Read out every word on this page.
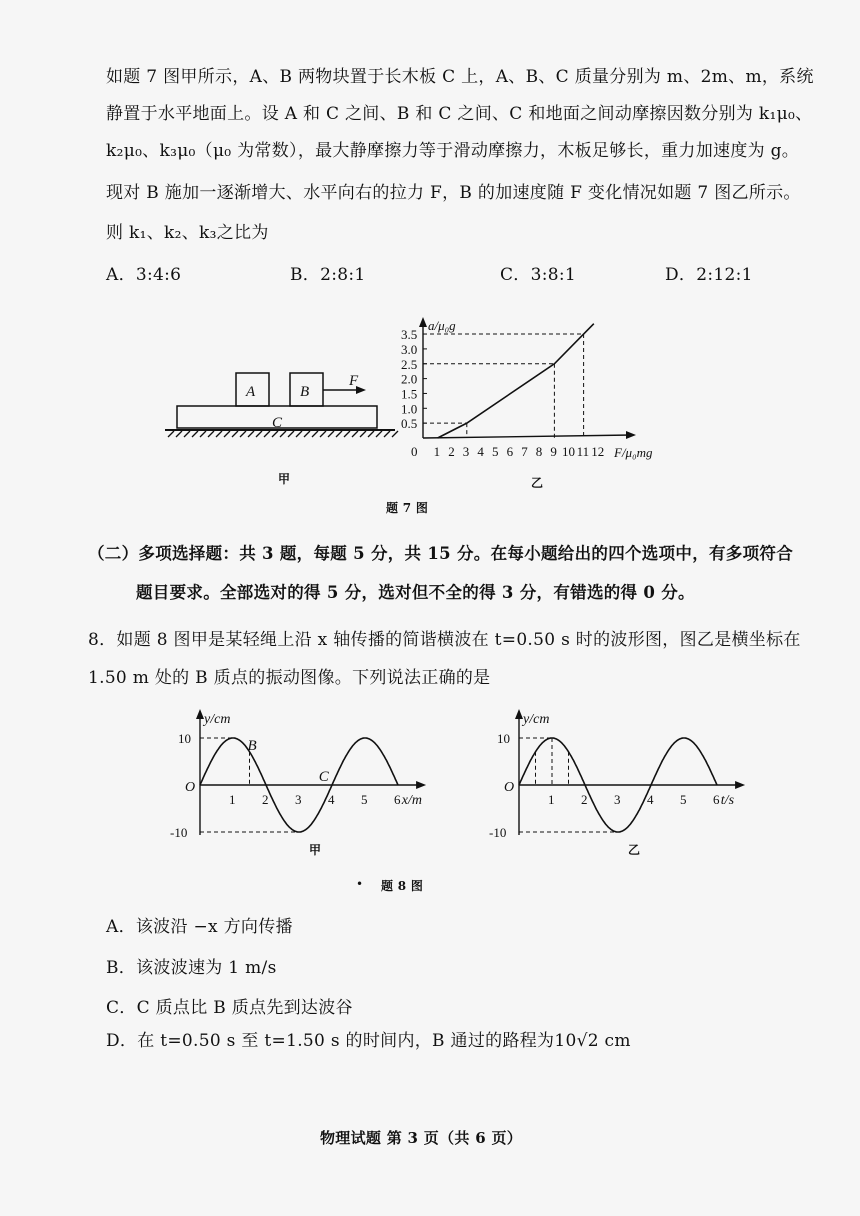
如题 7 图甲所示，A、B 两物块置于长木板 C 上，A、B、C 质量分别为 m、2m、m，系统
静置于水平地面上。设 A 和 C 之间、B 和 C 之间、C 和地面之间动摩擦因数分别为 k₁μ₀、
k₂μ₀、k₃μ₀（μ₀ 为常数），最大静摩擦力等于滑动摩擦力，木板足够长，重力加速度为 g。
现对 B 施加一逐渐增大、水平向右的拉力 F，B 的加速度随 F 变化情况如题 7 图乙所示。
则 k₁、k₂、k₃之比为
A．3:4:6	B．2:8:1	C．3:8:1	D．2:12:1
A	B
F
C
甲	乙
a/μ₀g
F/μ₀mg
0
0.5
1.0
1.5
2.0
2.5
3.0
3.5
1 2 3 4 5 6 7 8 9 10 11 12
题 7 图
（二）多项选择题：共 3 题，每题 5 分，共 15 分。在每小题给出的四个选项中，有多项符合
题目要求。全部选对的得 5 分，选对但不全的得 3 分，有错选的得 0 分。
8．如题 8 图甲是某轻绳上沿 x 轴传播的简谐横波在 t=0.50 s 时的波形图，图乙是横坐标在
1.50 m 处的 B 质点的振动图像。下列说法正确的是
y/cm
x/m
O
10
-10
1 2 3 4 5 6
B
C
甲
y/cm
t/s
O
10
-10
1 2 3 4 5 6
乙
题 8 图
•
A．该波沿 −x 方向传播
B．该波波速为 1 m/s
C．C 质点比 B 质点先到达波谷
D．在 t=0.50 s 至 t=1.50 s 的时间内，B 通过的路程为10√2 cm
物理试题 第 3 页（共 6 页）
